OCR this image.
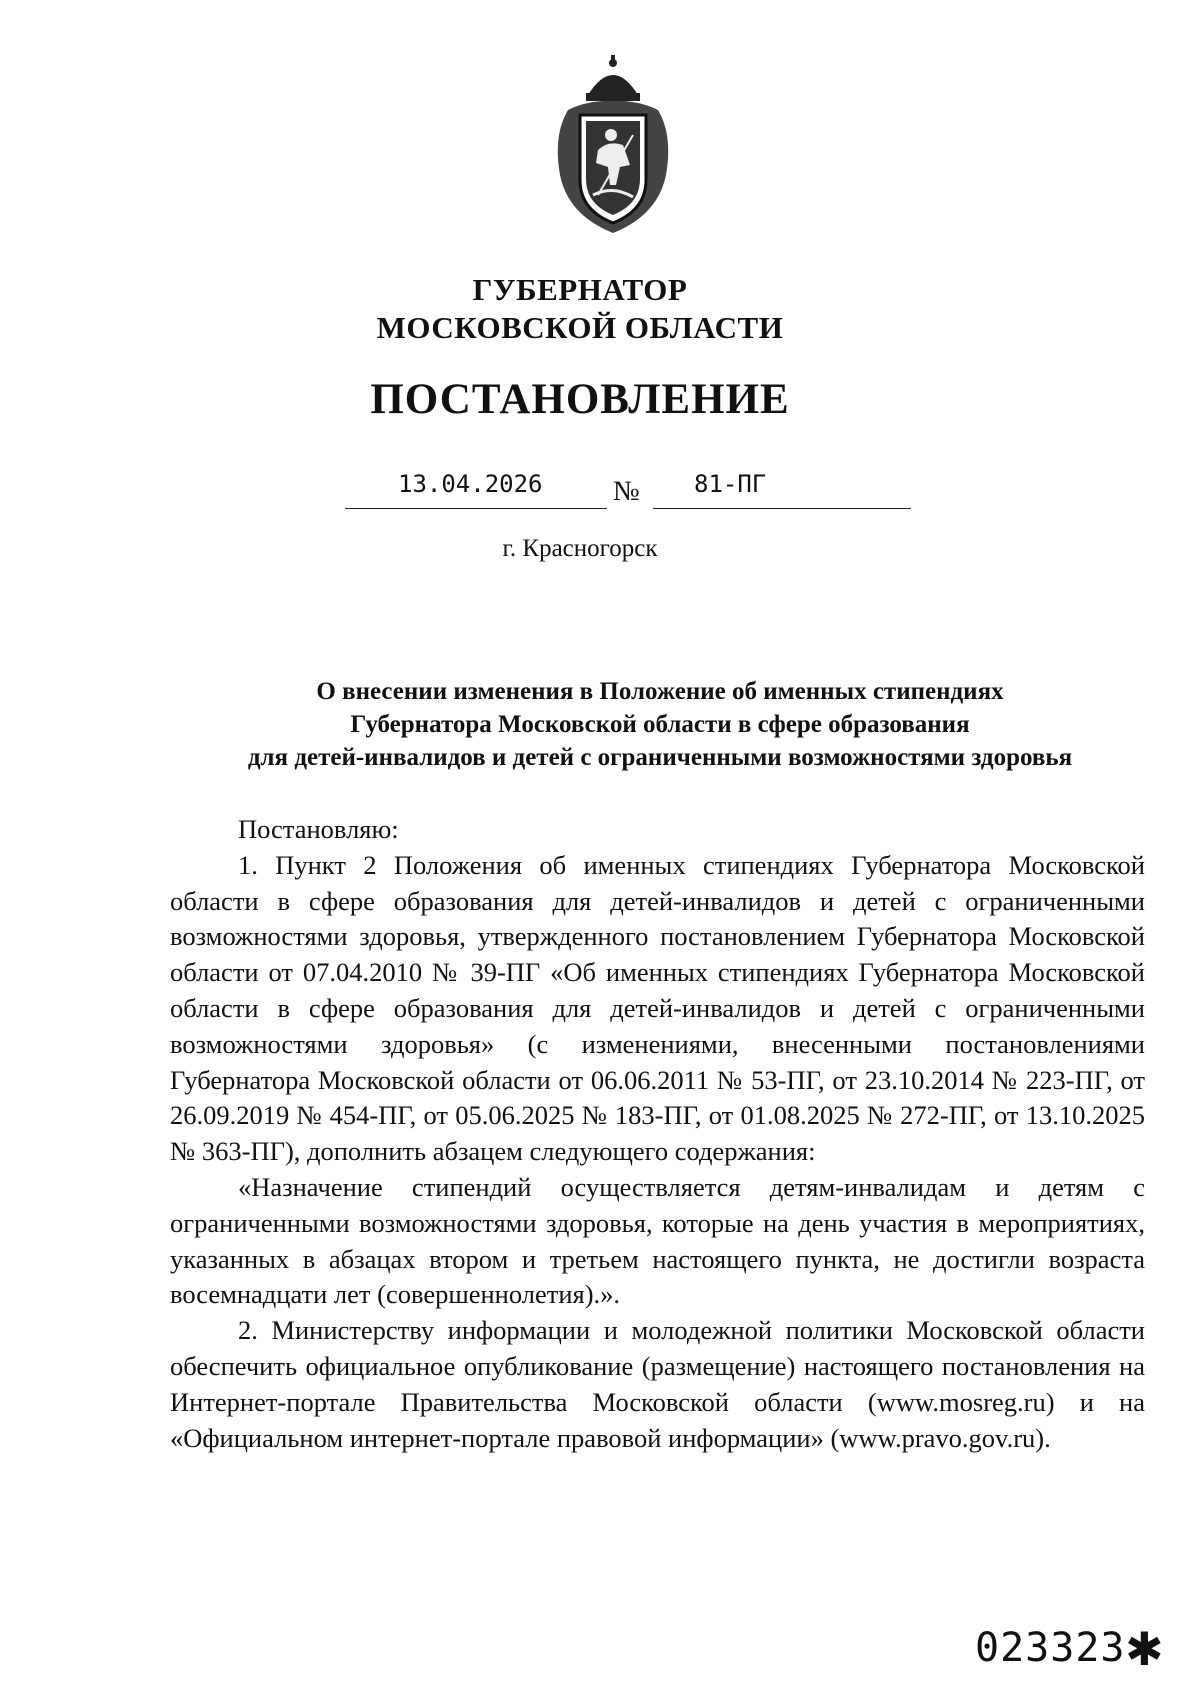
ГУБЕРНАТОР
МОСКОВСКОЙ ОБЛАСТИ
ПОСТАНОВЛЕНИЕ
13.04.2026	№ 81-ПГ
г. Красногорск
О внесении изменения в Положение об именных стипендиях
Губернатора Московской области в сфере образования
для детей-инвалидов и детей с ограниченными возможностями здоровья

Постановляю:

1. Пункт 2 Положения об именных стипендиях Губернатора Московской области в сфере образования для детей-инвалидов и детей с ограниченными возможностями здоровья, утвержденного постановлением Губернатора Московской области от 07.04.2010 № 39-ПГ «Об именных стипендиях Губернатора Московской области в сфере образования для детей-инвалидов и детей с ограниченными возможностями здоровья» (с изменениями, внесенными постановлениями Губернатора Московской области от 06.06.2011 № 53-ПГ, от 23.10.2014 № 223-ПГ, от 26.09.2019 № 454-ПГ, от 05.06.2025 № 183-ПГ, от 01.08.2025 № 272-ПГ, от 13.10.2025 № 363-ПГ), дополнить абзацем следующего содержания:

«Назначение стипендий осуществляется детям-инвалидам и детям с ограниченными возможностями здоровья, которые на день участия в мероприятиях, указанных в абзацах втором и третьем настоящего пункта, не достигли возраста восемнадцати лет (совершеннолетия).».

2. Министерству информации и молодежной политики Московской области обеспечить официальное опубликование (размещение) настоящего постановления на Интернет-портале Правительства Московской области (www.mosreg.ru) и на «Официальном интернет-портале правовой информации» (www.pravo.gov.ru).

023323 ✱
